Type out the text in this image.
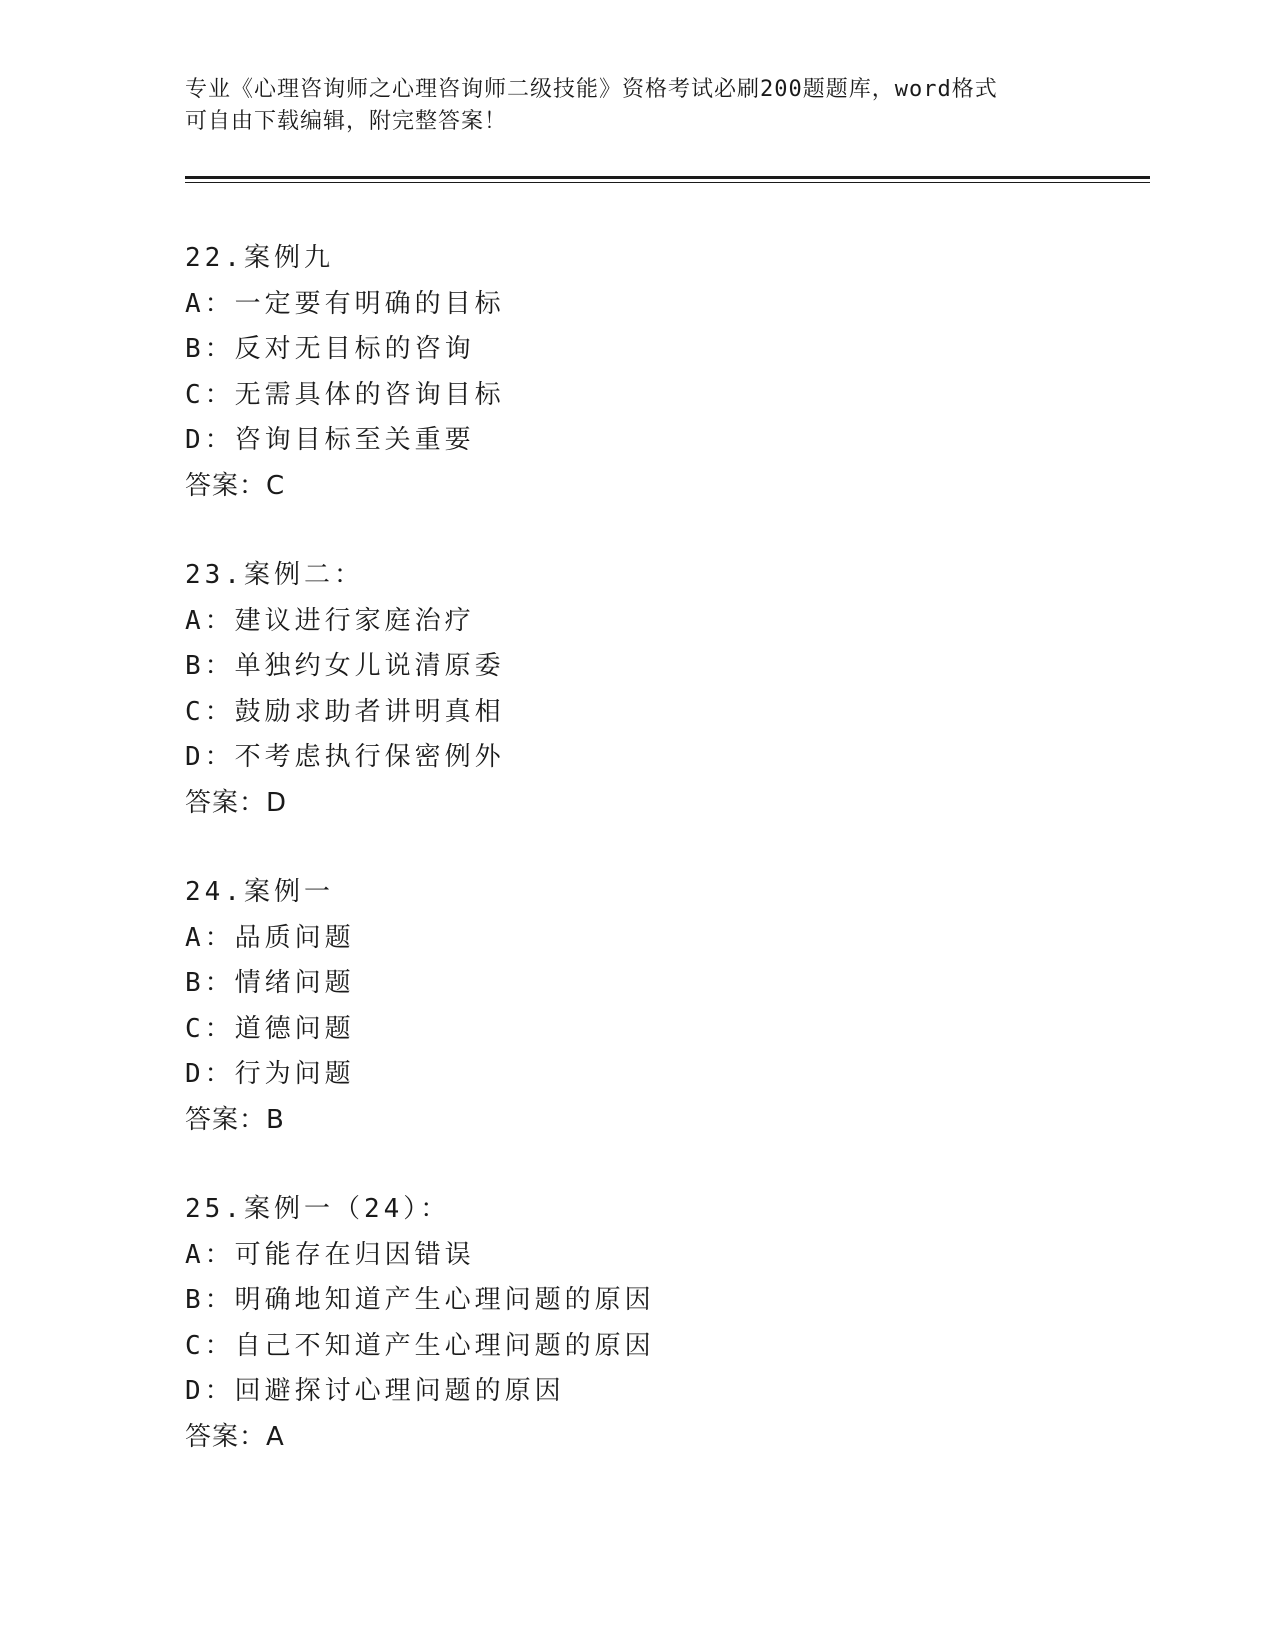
专业《心理咨询师之心理咨询师二级技能》资格考试必刷200题题库，word格式
可自由下载编辑，附完整答案！
22.案例九
A：一定要有明确的目标
B：反对无目标的咨询
C：无需具体的咨询目标
D：咨询目标至关重要
答案：C
23.案例二：
A：建议进行家庭治疗
B：单独约女儿说清原委
C：鼓励求助者讲明真相
D：不考虑执行保密例外
答案：D
24.案例一
A：品质问题
B：情绪问题
C：道德问题
D：行为问题
答案：B
25.案例一（24）：
A：可能存在归因错误
B：明确地知道产生心理问题的原因
C：自己不知道产生心理问题的原因
D：回避探讨心理问题的原因
答案：A
